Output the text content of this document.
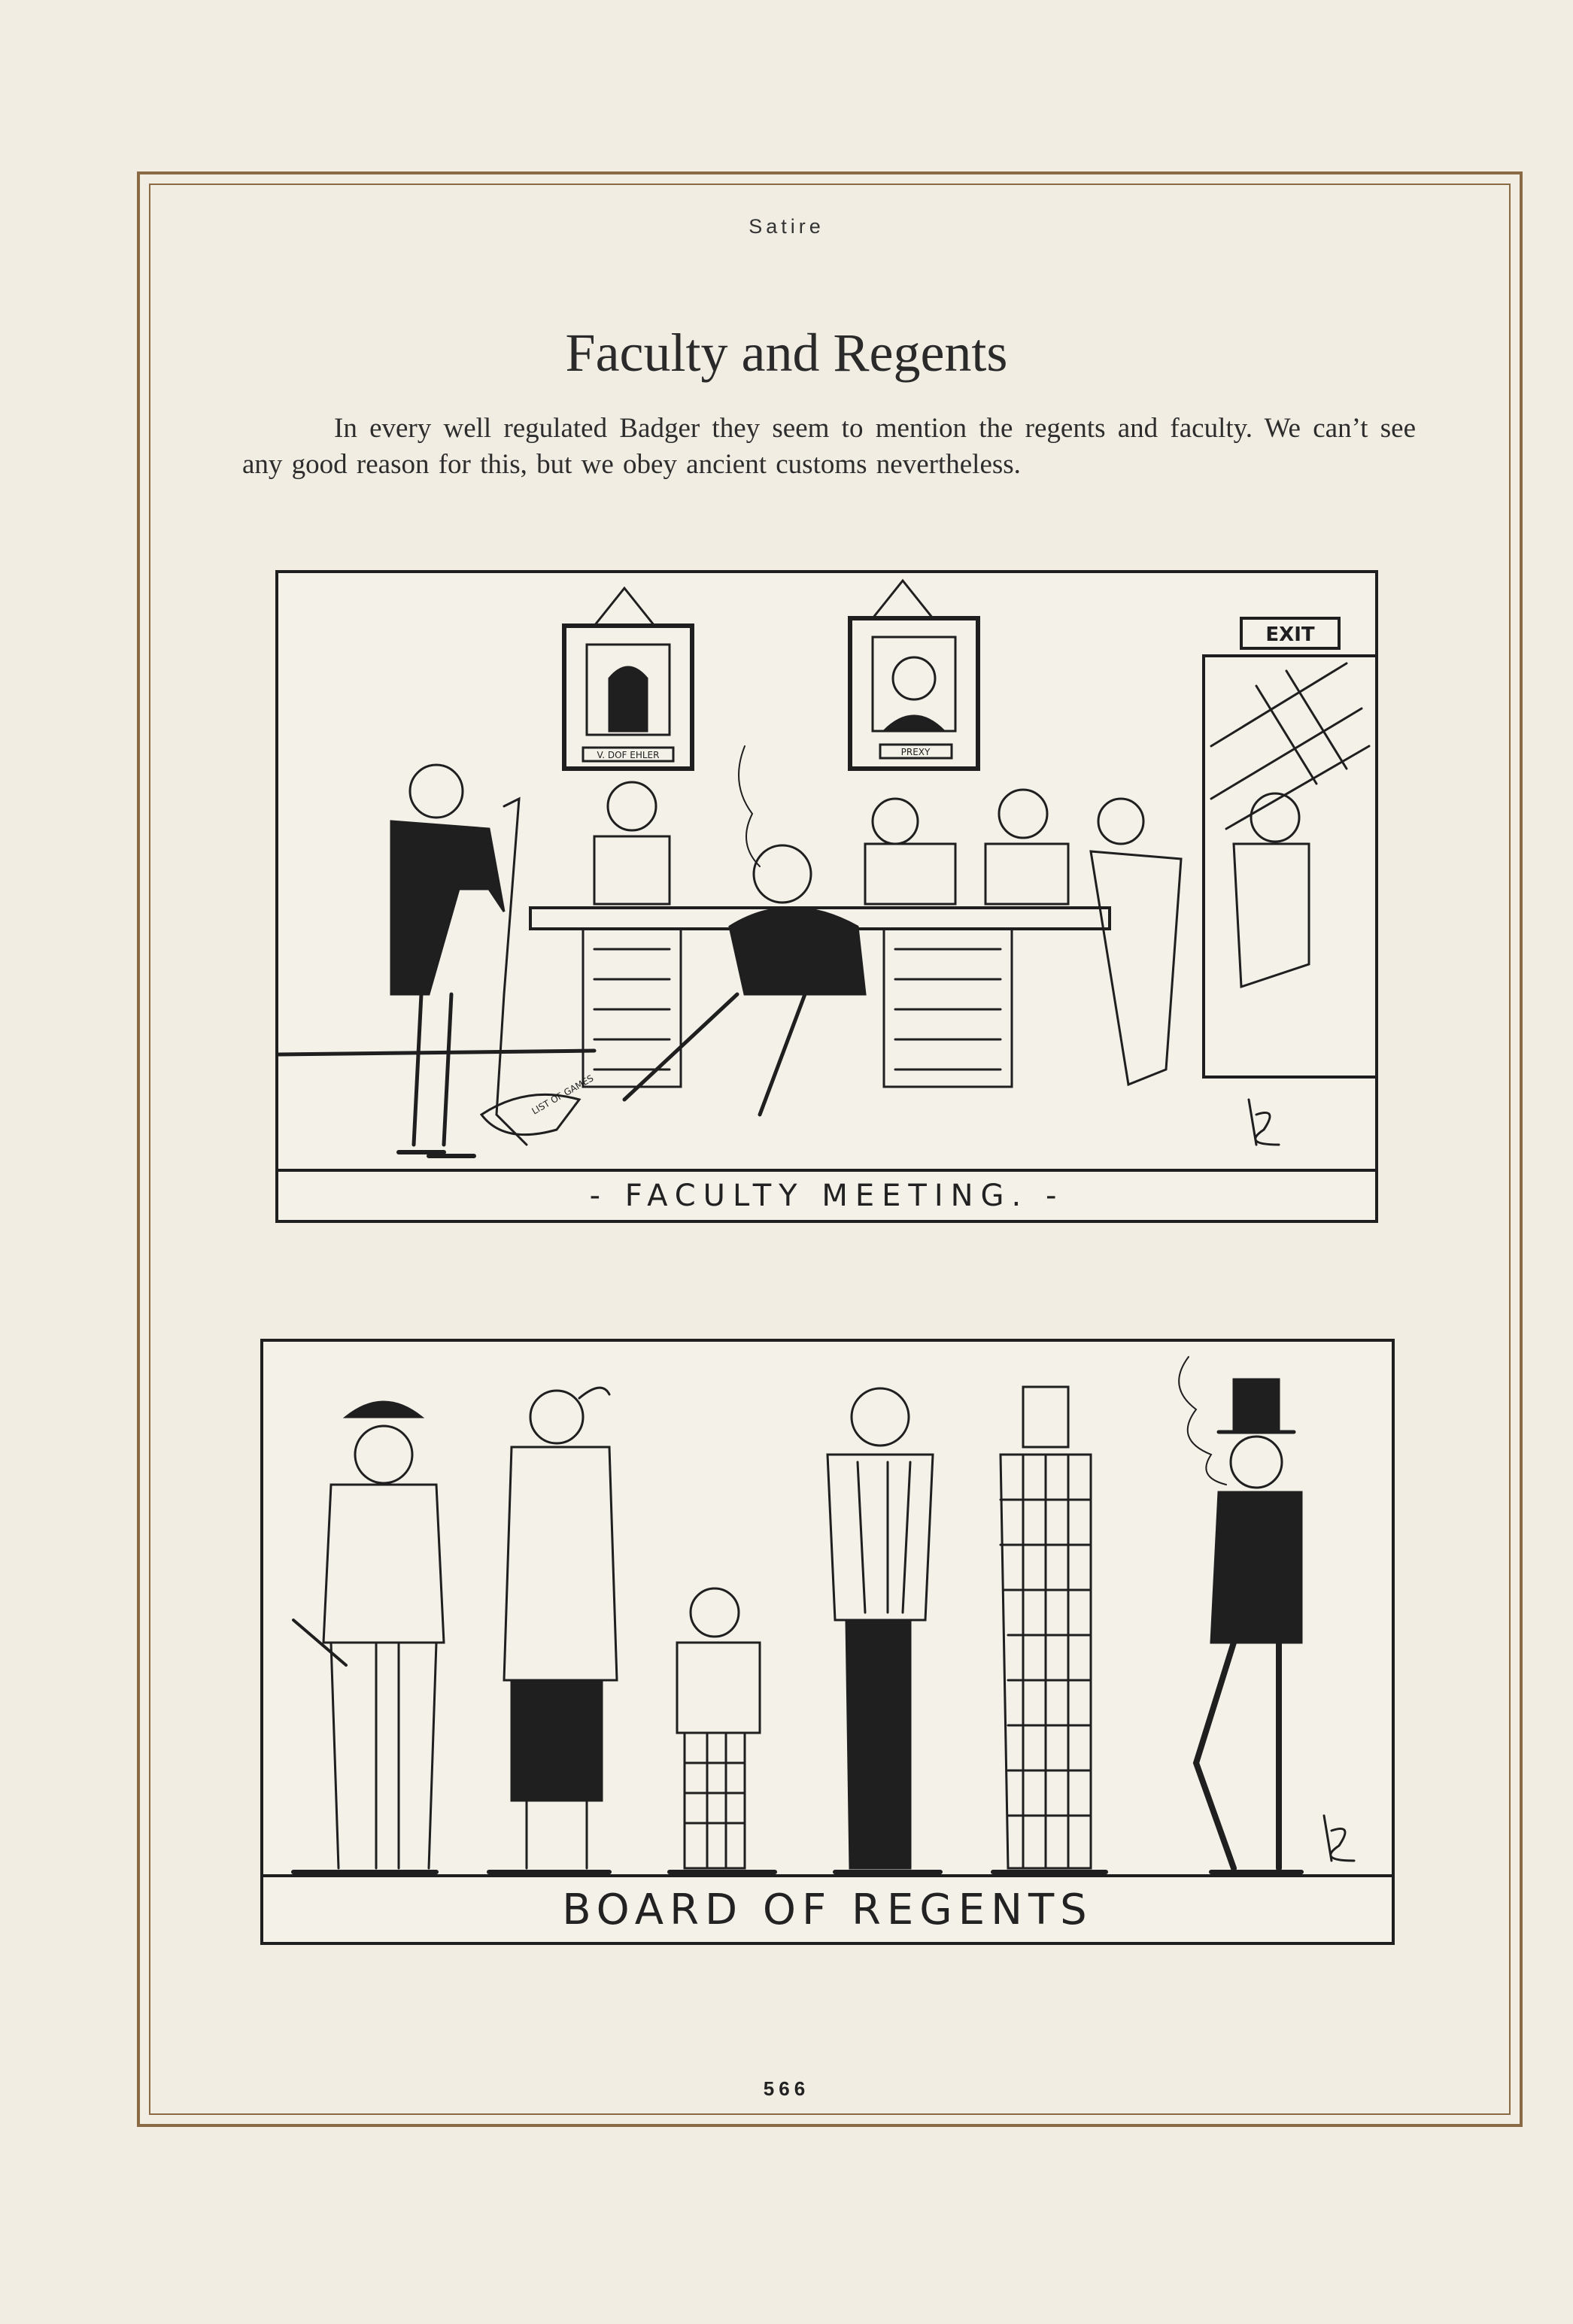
Satire
Faculty and Regents
In every well regulated Badger they seem to mention the regents and faculty. We can’t see any good reason for this, but we obey ancient customs nevertheless.
V. DOF EHLER	PREXY
EXIT
LIST OF GAMES
- FACULTY MEETING. -
BOARD OF REGENTS
566
